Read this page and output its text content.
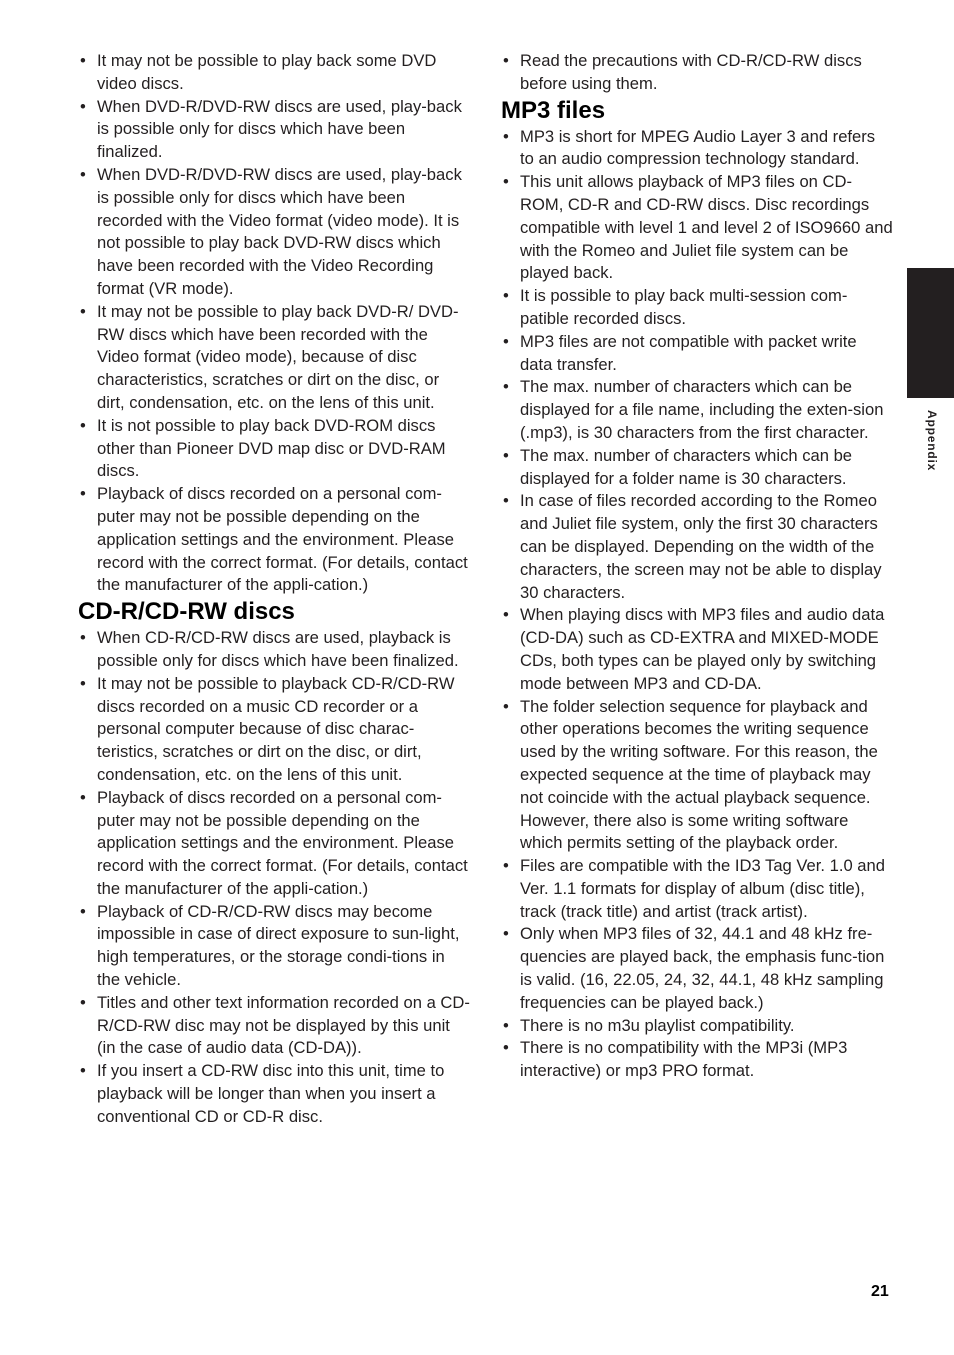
• It may not be possible to play back some DVD video discs.
• When DVD-R/DVD-RW discs are used, play-back is possible only for discs which have been finalized.
• When DVD-R/DVD-RW discs are used, play-back is possible only for discs which have been recorded with the Video format (video mode). It is not possible to play back DVD-RW discs which have been recorded with the Video Recording format (VR mode).
• It may not be possible to play back DVD-R/ DVD-RW discs which have been recorded with the Video format (video mode), because of disc characteristics, scratches or dirt on the disc, or dirt, condensation, etc. on the lens of this unit.
• It is not possible to play back DVD-ROM discs other than Pioneer DVD map disc or DVD-RAM discs.
• Playback of discs recorded on a personal com-puter may not be possible depending on the application settings and the environment. Please record with the correct format. (For details, contact the manufacturer of the appli-cation.)
CD-R/CD-RW discs
• When CD-R/CD-RW discs are used, playback is possible only for discs which have been finalized.
• It may not be possible to playback CD-R/CD-RW discs recorded on a music CD recorder or a personal computer because of disc charac-teristics, scratches or dirt on the disc, or dirt, condensation, etc. on the lens of this unit.
• Playback of discs recorded on a personal com-puter may not be possible depending on the application settings and the environment. Please record with the correct format. (For details, contact the manufacturer of the appli-cation.)
• Playback of CD-R/CD-RW discs may become impossible in case of direct exposure to sun-light, high temperatures, or the storage condi-tions in the vehicle.
• Titles and other text information recorded on a CD-R/CD-RW disc may not be displayed by this unit (in the case of audio data (CD-DA)).
• If you insert a CD-RW disc into this unit, time to playback will be longer than when you insert a conventional CD or CD-R disc.
• Read the precautions with CD-R/CD-RW discs before using them.
MP3 files
• MP3 is short for MPEG Audio Layer 3 and refers to an audio compression technology standard.
• This unit allows playback of MP3 files on CD-ROM, CD-R and CD-RW discs. Disc recordings compatible with level 1 and level 2 of ISO9660 and with the Romeo and Juliet file system can be played back.
• It is possible to play back multi-session com-patible recorded discs.
• MP3 files are not compatible with packet write data transfer.
• The max. number of characters which can be displayed for a file name, including the exten-sion (.mp3), is 30 characters from the first character.
• The max. number of characters which can be displayed for a folder name is 30 characters.
• In case of files recorded according to the Romeo and Juliet file system, only the first 30 characters can be displayed. Depending on the width of the characters, the screen may not be able to display 30 characters.
• When playing discs with MP3 files and audio data (CD-DA) such as CD-EXTRA and MIXED-MODE CDs, both types can be played only by switching mode between MP3 and CD-DA.
• The folder selection sequence for playback and other operations becomes the writing sequence used by the writing software. For this reason, the expected sequence at the time of playback may not coincide with the actual playback sequence. However, there also is some writing software which permits setting of the playback order.
• Files are compatible with the ID3 Tag Ver. 1.0 and Ver. 1.1 formats for display of album (disc title), track (track title) and artist (track artist).
• Only when MP3 files of 32, 44.1 and 48 kHz fre-quencies are played back, the emphasis func-tion is valid. (16, 22.05, 24, 32, 44.1, 48 kHz sampling frequencies can be played back.)
• There is no m3u playlist compatibility.
• There is no compatibility with the MP3i (MP3 interactive) or mp3 PRO format.
Appendix
21
